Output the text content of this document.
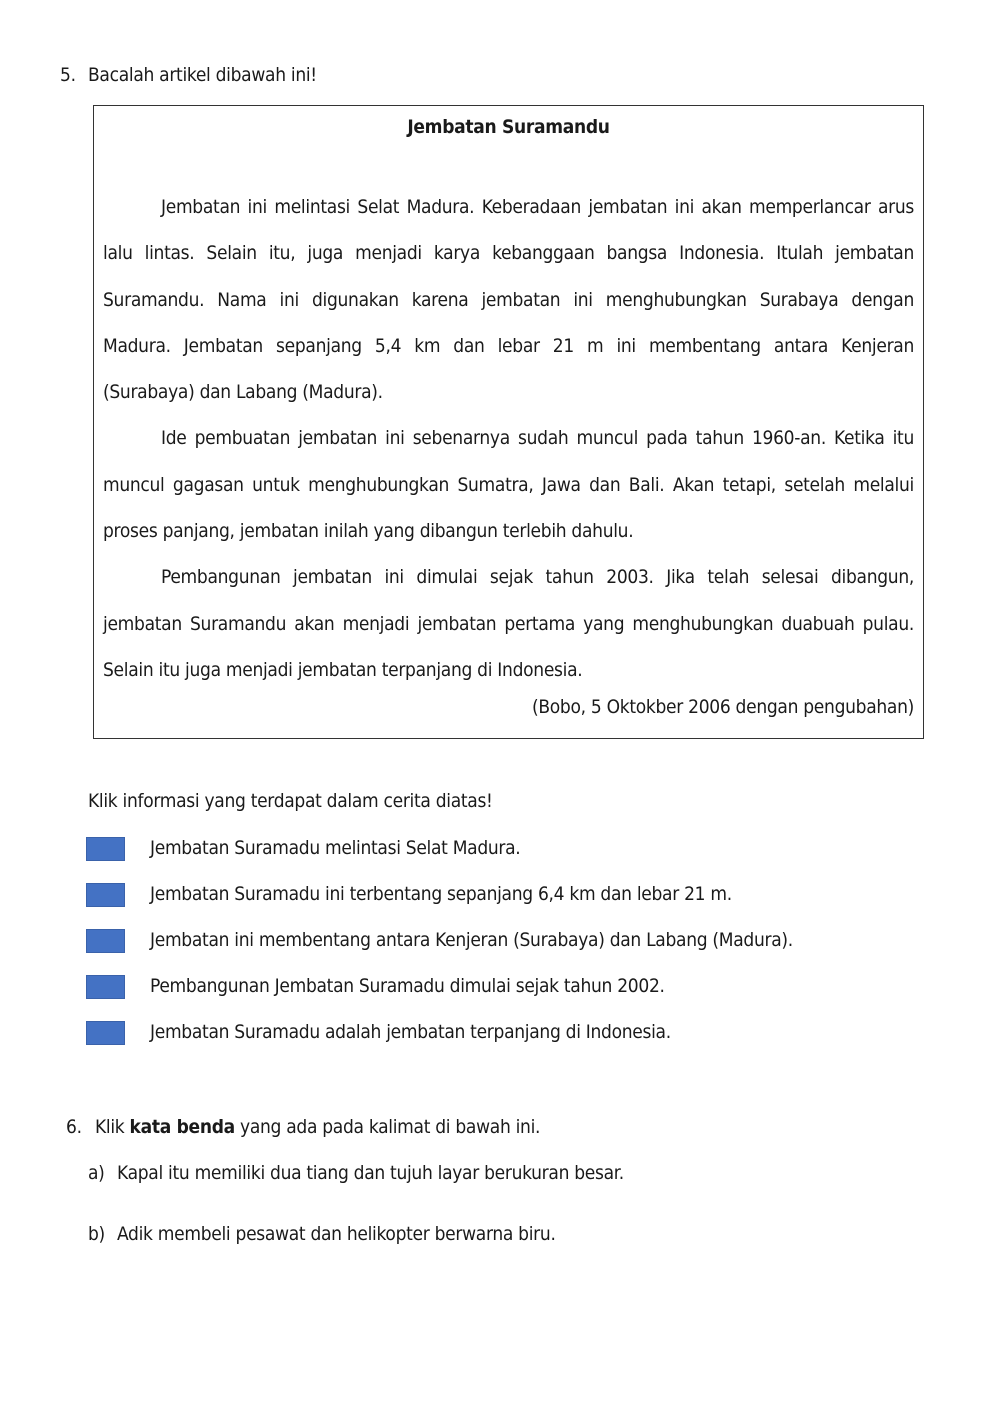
5. Bacalah artikel dibawah ini!
Jembatan Suramandu

Jembatan ini melintasi Selat Madura. Keberadaan jembatan ini akan memperlancar arus lalu lintas. Selain itu, juga menjadi karya kebanggaan bangsa Indonesia. Itulah jembatan Suramandu. Nama ini digunakan karena jembatan ini menghubungkan Surabaya dengan Madura. Jembatan sepanjang 5,4 km dan lebar 21 m ini membentang antara Kenjeran (Surabaya) dan Labang (Madura).

Ide pembuatan jembatan ini sebenarnya sudah muncul pada tahun 1960-an. Ketika itu muncul gagasan untuk menghubungkan Sumatra, Jawa dan Bali. Akan tetapi, setelah melalui proses panjang, jembatan inilah yang dibangun terlebih dahulu.

Pembangunan jembatan ini dimulai sejak tahun 2003. Jika telah selesai dibangun, jembatan Suramandu akan menjadi jembatan pertama yang menghubungkan duabuah pulau. Selain itu juga menjadi jembatan terpanjang di Indonesia.

(Bobo, 5 Oktokber 2006 dengan pengubahan)
Klik informasi yang terdapat dalam cerita diatas!
Jembatan Suramadu melintasi Selat Madura.
Jembatan Suramadu ini terbentang sepanjang 6,4 km dan lebar 21 m.
Jembatan ini membentang antara Kenjeran (Surabaya) dan Labang (Madura).
Pembangunan Jembatan Suramadu dimulai sejak tahun 2002.
Jembatan Suramadu adalah jembatan terpanjang di Indonesia.
6. Klik kata benda yang ada pada kalimat di bawah ini.
a) Kapal itu memiliki dua tiang dan tujuh layar berukuran besar.
b) Adik membeli pesawat dan helikopter berwarna biru.
